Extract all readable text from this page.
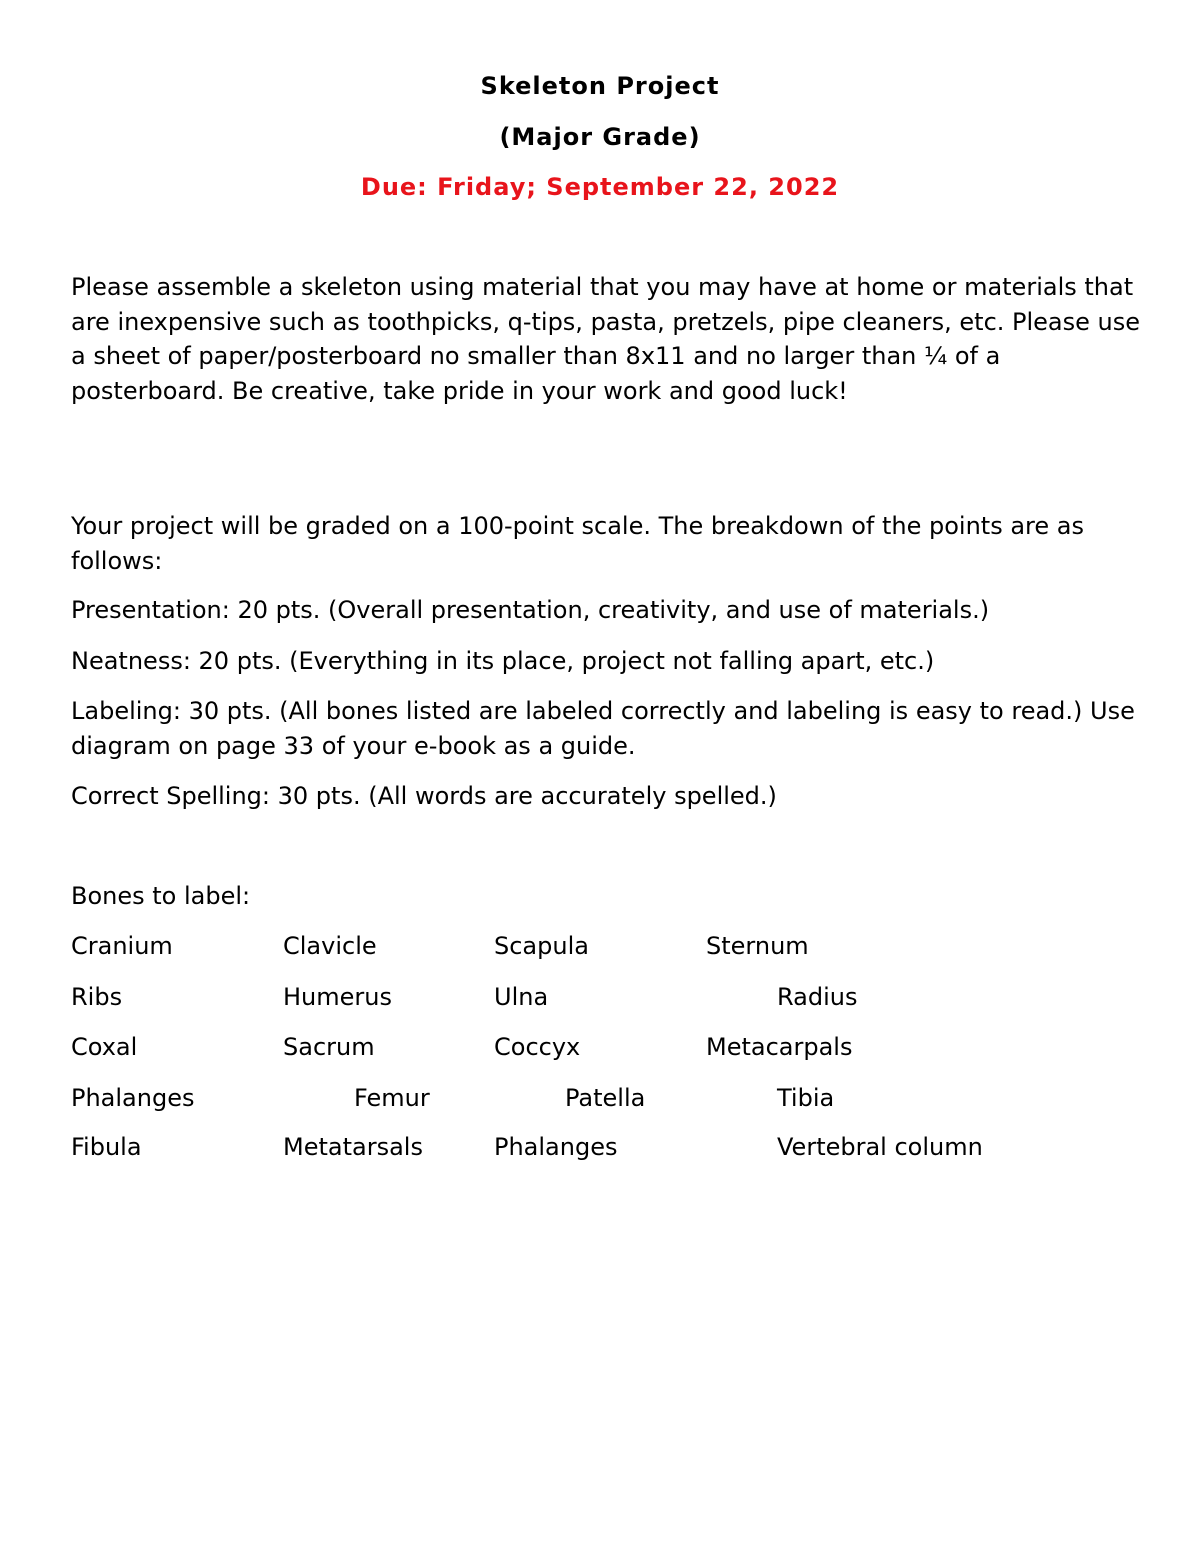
Skeleton Project
(Major Grade)
Due: Friday; September 22, 2022

Please assemble a skeleton using material that you may have at home or materials that are inexpensive such as toothpicks, q-tips, pasta, pretzels, pipe cleaners, etc. Please use a sheet of paper/posterboard no smaller than 8x11 and no larger than ¼ of a posterboard. Be creative, take pride in your work and good luck!

Your project will be graded on a 100-point scale. The breakdown of the points are as follows:

Presentation: 20 pts. (Overall presentation, creativity, and use of materials.)

Neatness: 20 pts. (Everything in its place, project not falling apart, etc.)

Labeling: 30 pts. (All bones listed are labeled correctly and labeling is easy to read.) Use diagram on page 33 of your e-book as a guide.

Correct Spelling: 30 pts. (All words are accurately spelled.)

Bones to label:

Cranium	Clavicle	Scapula	Sternum
Ribs	Humerus	Ulna	Radius
Coxal	Sacrum	Coccyx	Metacarpals
Phalanges	Femur	Patella	Tibia
Fibula	Metatarsals	Phalanges	Vertebral column
